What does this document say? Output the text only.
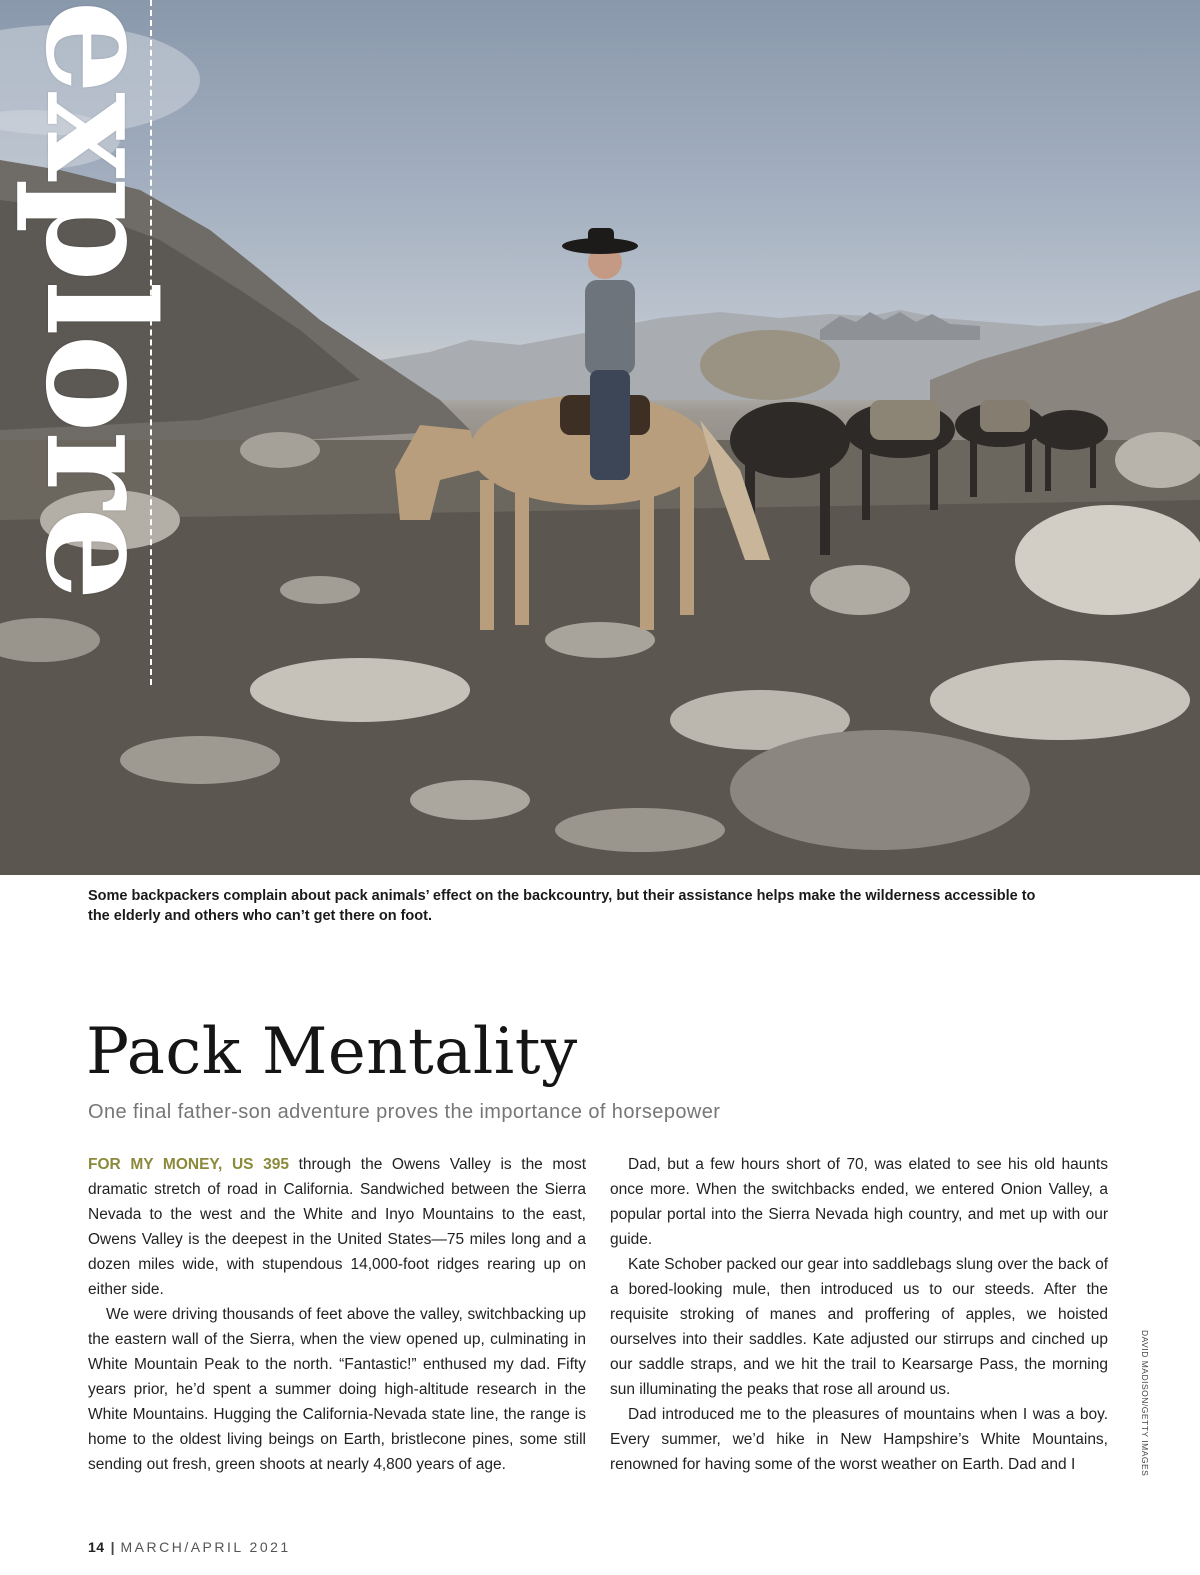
explore

Some backpackers complain about pack animals’ effect on the backcountry, but their assistance helps make the wilderness accessible to the elderly and others who can’t get there on foot.

Pack Mentality

One final father-son adventure proves the importance of horsepower

FOR MY MONEY, US 395 through the Owens Valley is the most dramatic stretch of road in California. Sandwiched between the Sierra Nevada to the west and the White and Inyo Mountains to the east, Owens Valley is the deepest in the United States—75 miles long and a dozen miles wide, with stupendous 14,000-foot ridges rearing up on either side.

We were driving thousands of feet above the valley, switchbacking up the eastern wall of the Sierra, when the view opened up, culminating in White Mountain Peak to the north. “Fantastic!” enthused my dad. Fifty years prior, he’d spent a summer doing high-altitude research in the White Mountains. Hugging the California-Nevada state line, the range is home to the oldest living beings on Earth, bristlecone pines, some still sending out fresh, green shoots at nearly 4,800 years of age.

Dad, but a few hours short of 70, was elated to see his old haunts once more. When the switchbacks ended, we entered Onion Valley, a popular portal into the Sierra Nevada high country, and met up with our guide.

Kate Schober packed our gear into saddlebags slung over the back of a bored-looking mule, then introduced us to our steeds. After the requisite stroking of manes and proffering of apples, we hoisted ourselves into their saddles. Kate adjusted our stirrups and cinched up our saddle straps, and we hit the trail to Kearsarge Pass, the morning sun illuminating the peaks that rose all around us.

Dad introduced me to the pleasures of mountains when I was a boy. Every summer, we’d hike in New Hampshire’s White Mountains, renowned for having some of the worst weather on Earth. Dad and I	DAVID MADISON/GETTY IMAGES
14 | MARCH/APRIL 2021
